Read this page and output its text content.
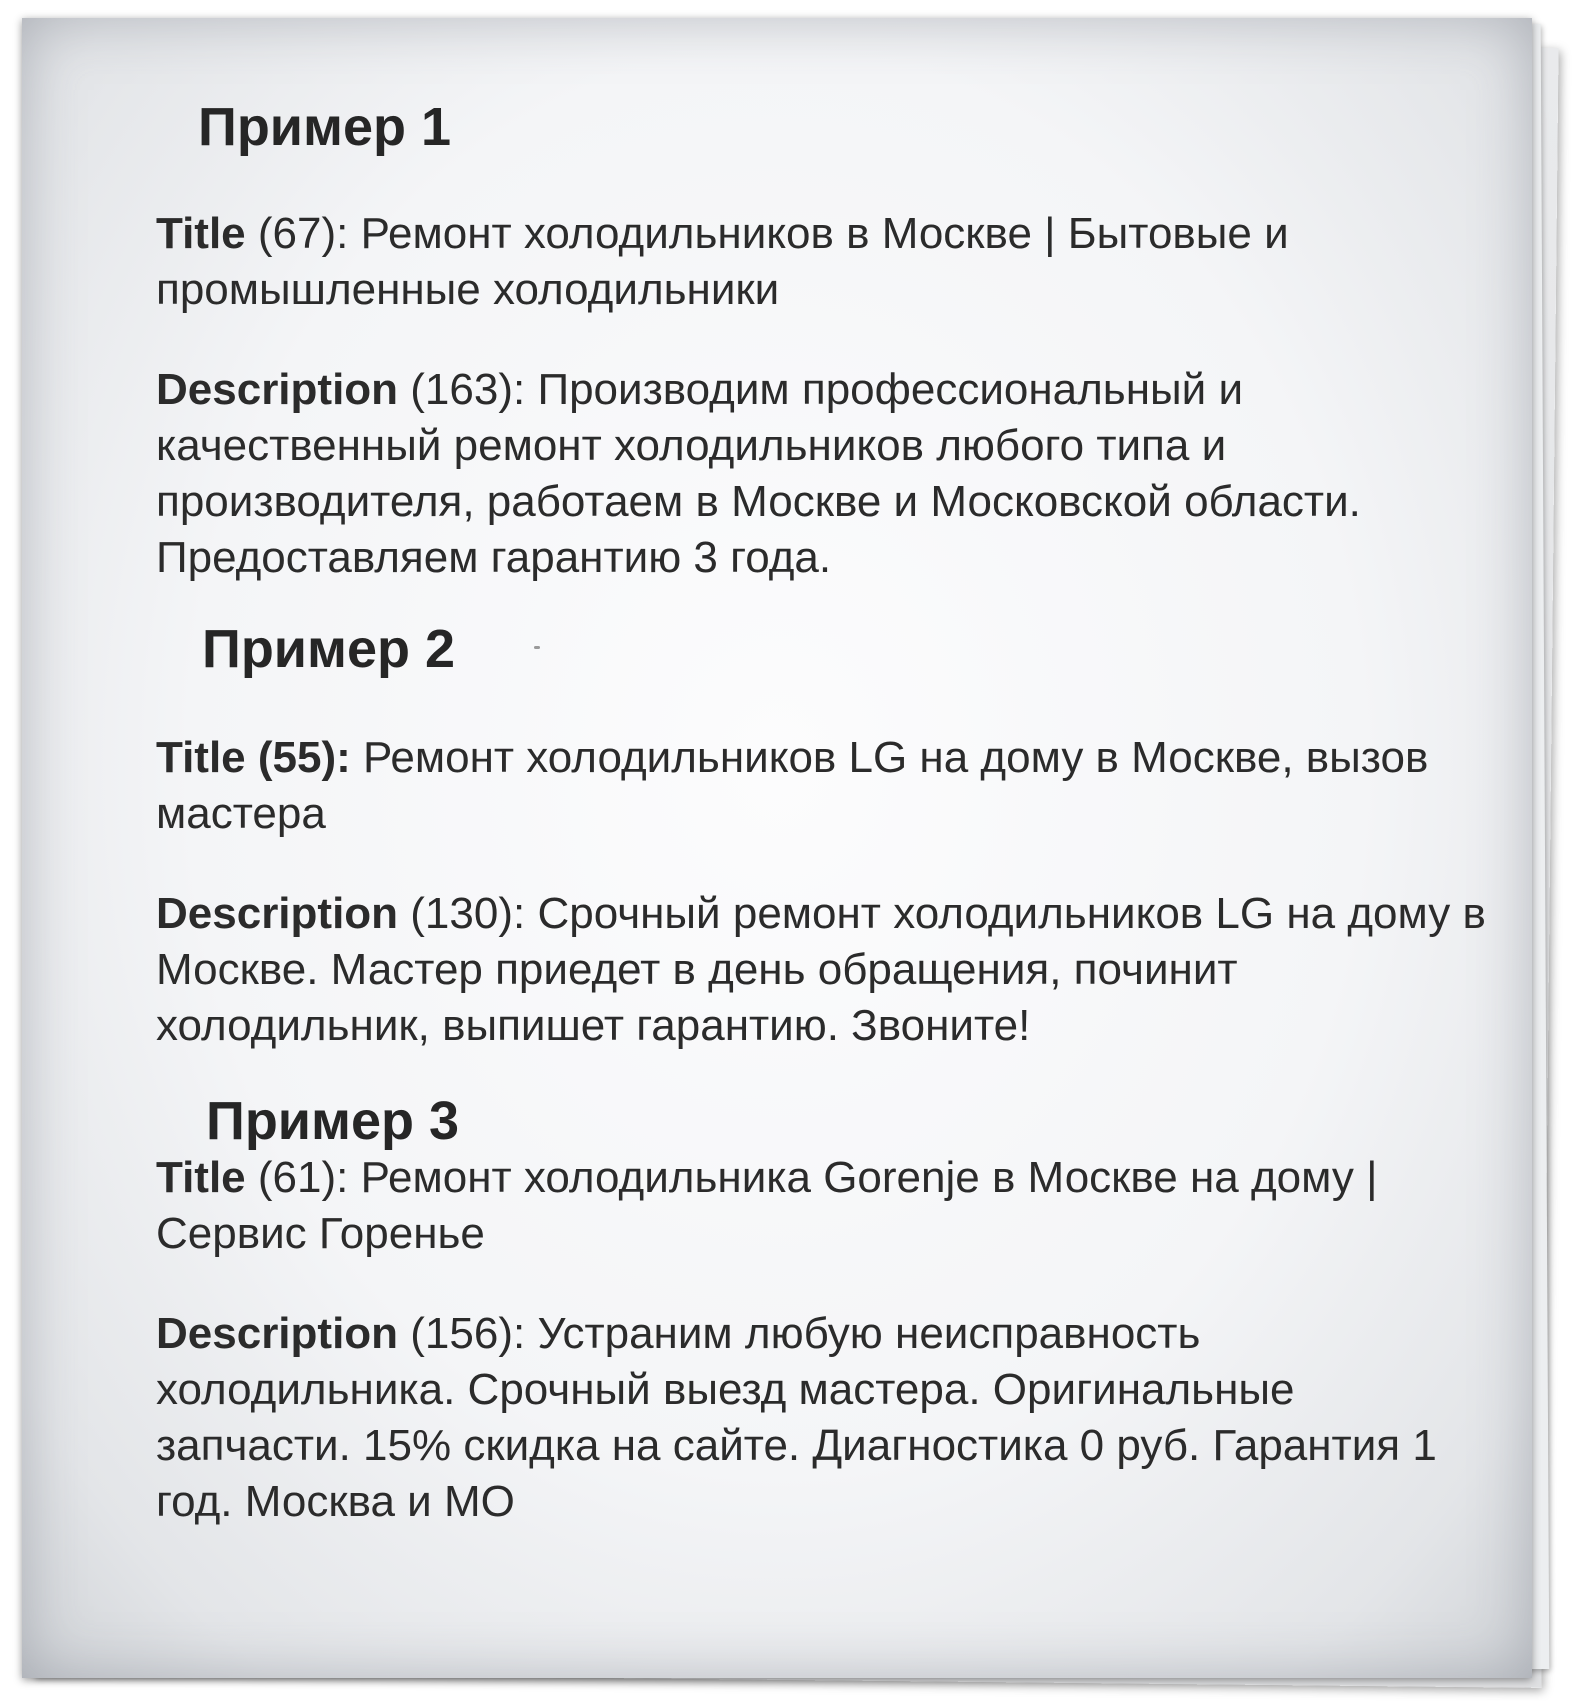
Пример 1

Title (67): Ремонт холодильников в Москве | Бытовые и промышленные холодильники

Description (163): Производим профессиональный и качественный ремонт холодильников любого типа и производителя, работаем в Москве и Московской области. Предоставляем гарантию 3 года.

Пример 2

Title (55): Ремонт холодильников LG на дому в Москве, вызов мастера

Description (130): Срочный ремонт холодильников LG на дому в Москве. Мастер приедет в день обращения, починит холодильник, выпишет гарантию. Звоните!

Пример 3

Title (61): Ремонт холодильника Gorenje в Москве на дому | Сервис Горенье

Description (156): Устраним любую неисправность холодильника. Срочный выезд мастера. Оригинальные запчасти. 15% скидка на сайте. Диагностика 0 руб. Гарантия 1 год. Москва и МО
